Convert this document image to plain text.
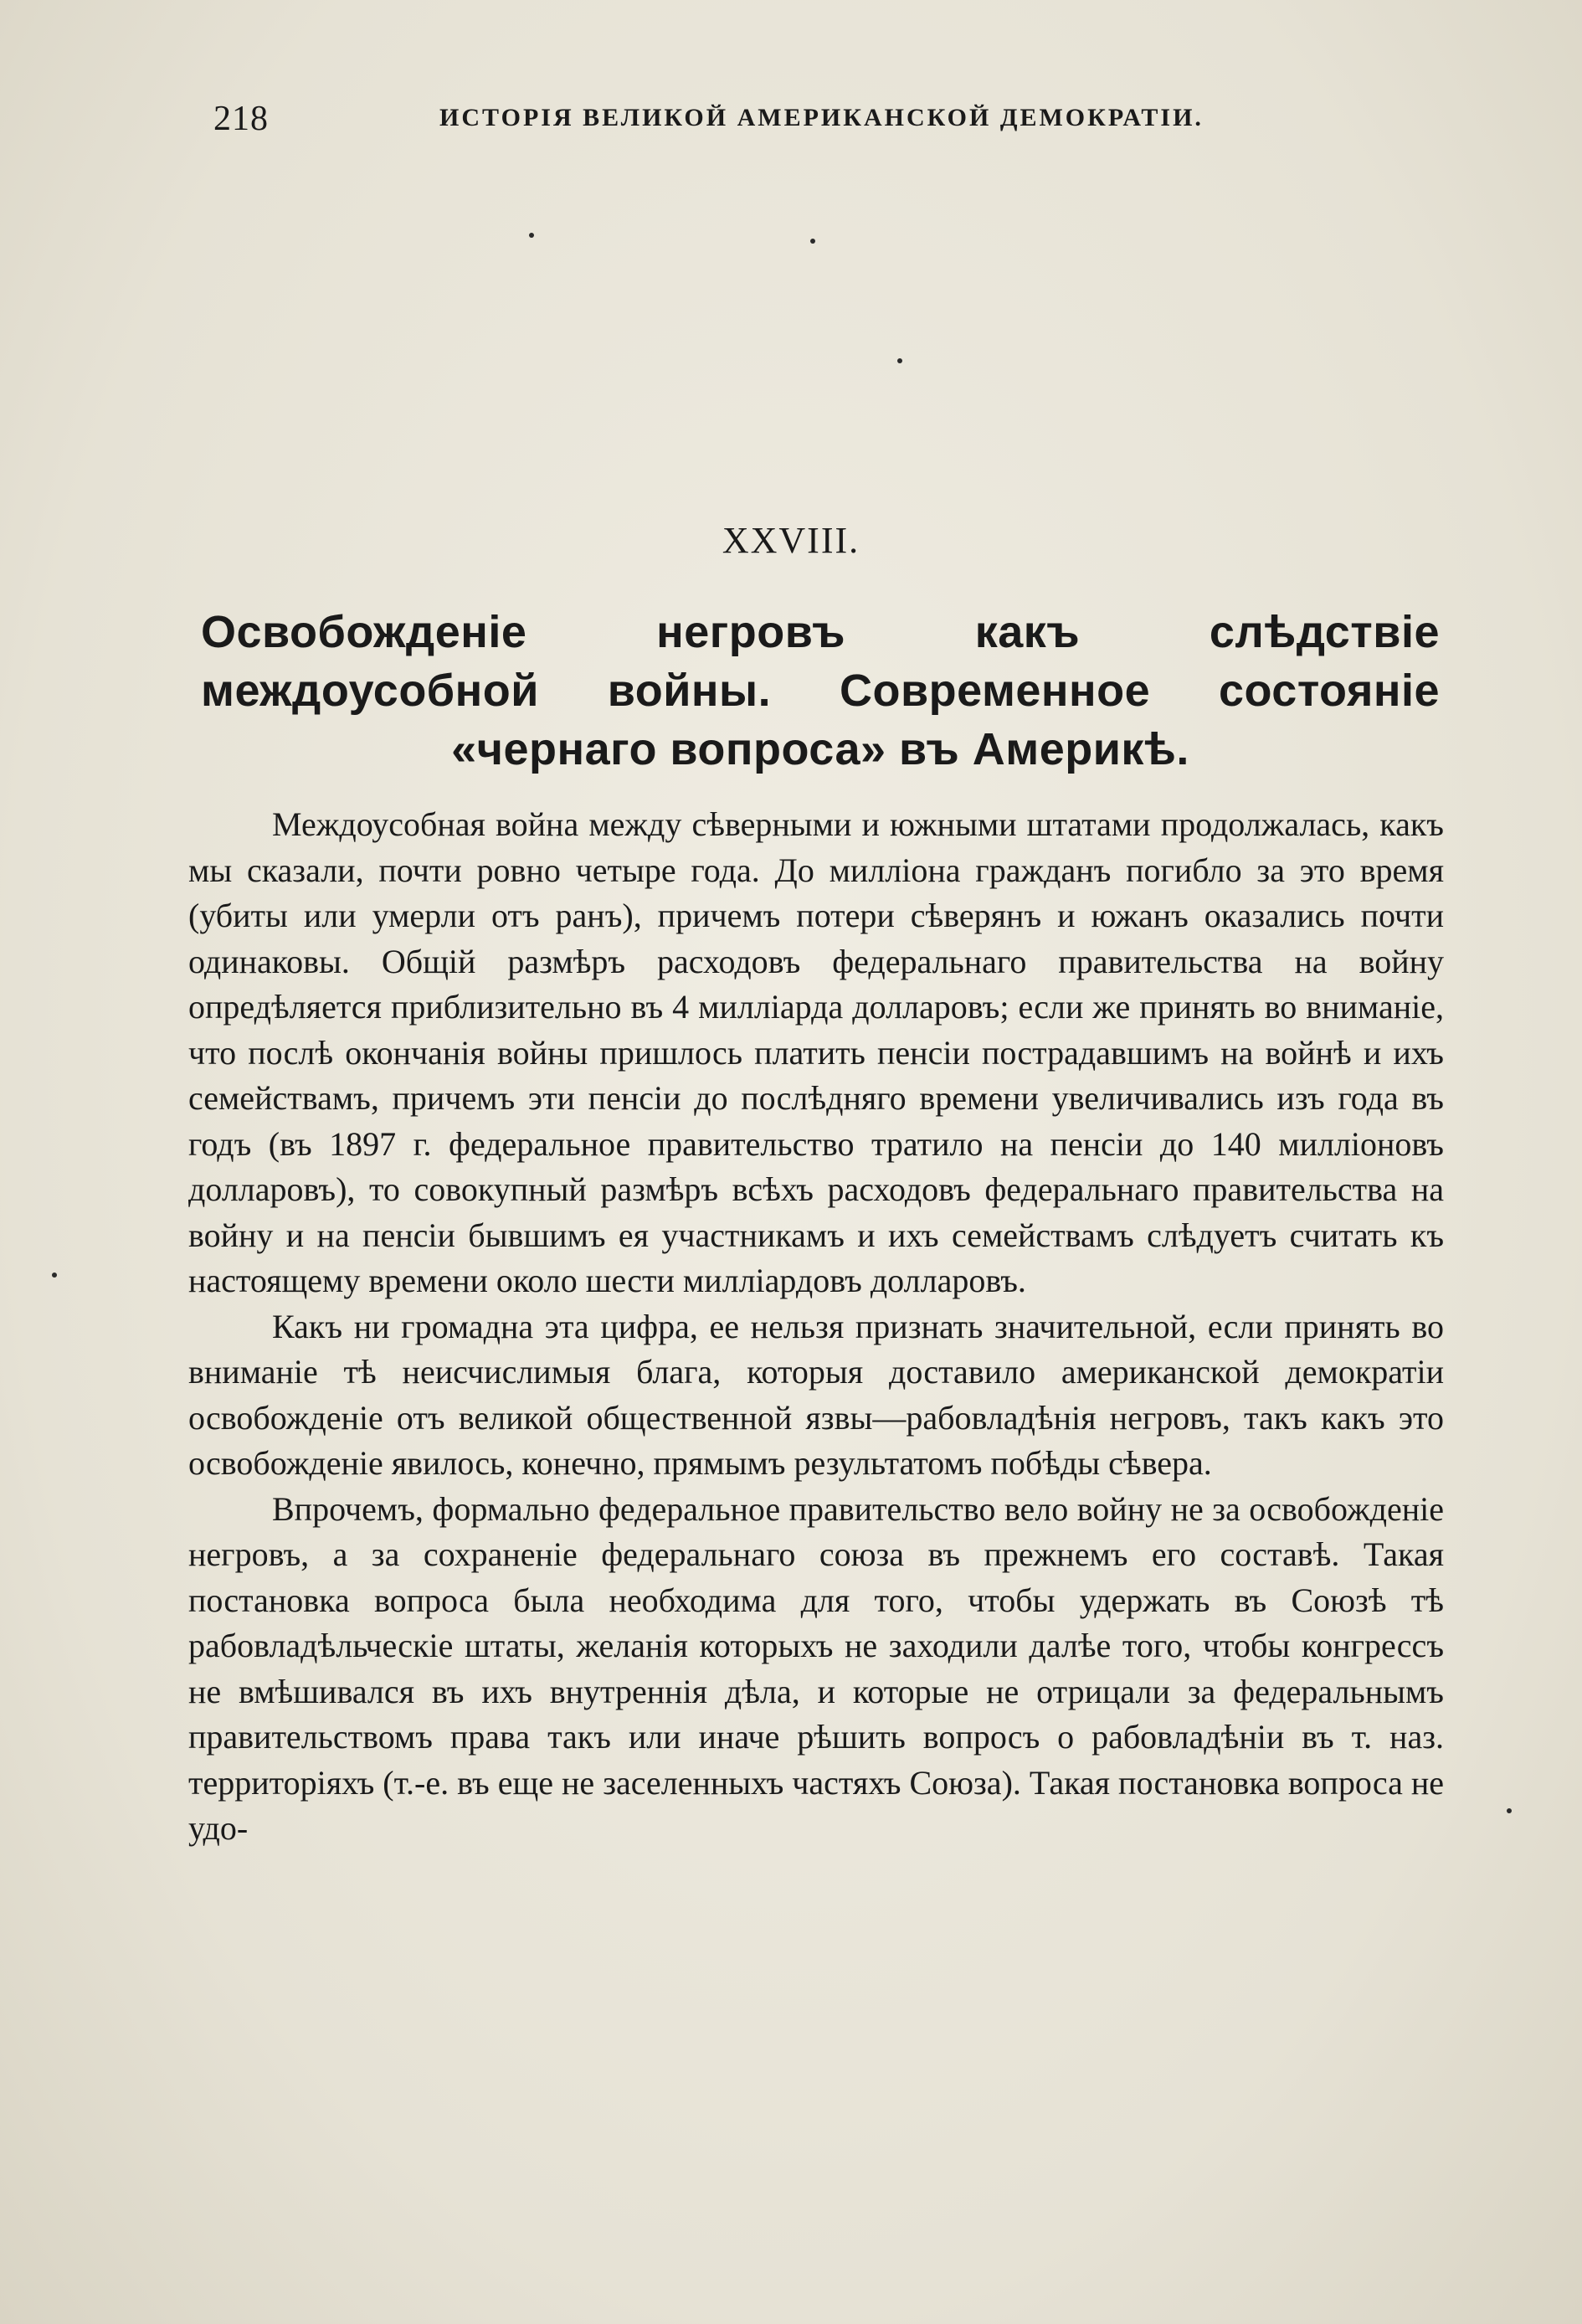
218	ИСТОРІЯ ВЕЛИКОЙ АМЕРИКАНСКОЙ ДЕМОКРАТІИ.
XXVIII.
Освобожденіе негровъ какъ слѣдствіе междоусобной войны. Современное состояніе «чернаго вопроса» въ Америкѣ.

Междоусобная война между сѣверными и южными штатами продолжалась, какъ мы сказали, почти ровно четыре года. До милліона гражданъ погибло за это время (убиты или умерли отъ ранъ), причемъ потери сѣверянъ и южанъ оказались почти одинаковы. Общій размѣръ расходовъ федеральнаго правительства на войну опредѣляется приблизительно въ 4 милліарда долларовъ; если же принять во вниманіе, что послѣ окончанія войны пришлось платить пенсіи пострадавшимъ на войнѣ и ихъ семействамъ, причемъ эти пенсіи до послѣдняго времени увеличивались изъ года въ годъ (въ 1897 г. федеральное правительство тратило на пенсіи до 140 милліоновъ долларовъ), то совокупный размѣръ всѣхъ расходовъ федеральнаго правительства на войну и на пенсіи бывшимъ ея участникамъ и ихъ семействамъ слѣдуетъ считать къ настоящему времени около шести милліардовъ долларовъ.

Какъ ни громадна эта цифра, ее нельзя признать значительной, если принять во вниманіе тѣ неисчислимыя блага, которыя доставило американской демократіи освобожденіе отъ великой общественной язвы—рабовладѣнія негровъ, такъ какъ это освобожденіе явилось, конечно, прямымъ результатомъ побѣды сѣвера.

Впрочемъ, формально федеральное правительство вело войну не за освобожденіе негровъ, а за сохраненіе федеральнаго союза въ прежнемъ его составѣ. Такая постановка вопроса была необходима для того, чтобы удержать въ Союзѣ тѣ рабовладѣльческіе штаты, желанія которыхъ не заходили далѣе того, чтобы конгрессъ не вмѣшивался въ ихъ внутреннія дѣла, и которые не отрицали за федеральнымъ правительствомъ права такъ или иначе рѣшить вопросъ о рабовладѣніи въ т. наз. территоріяхъ (т.-е. въ еще не заселенныхъ частяхъ Союза). Такая постановка вопроса не удо-
